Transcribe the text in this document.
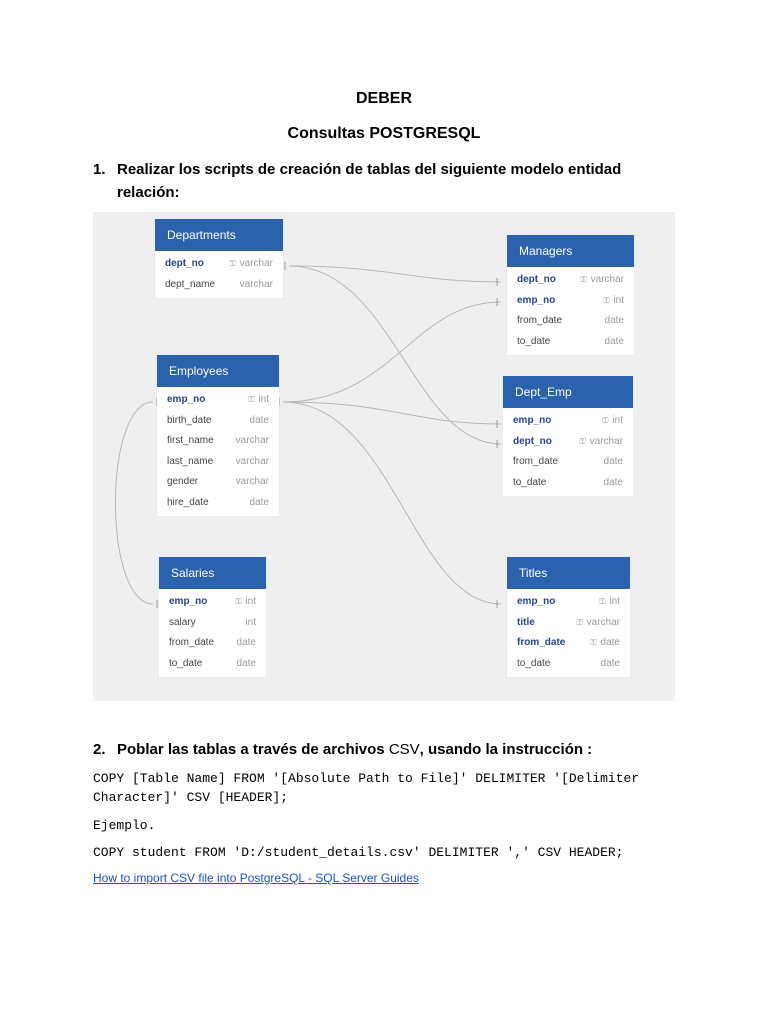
DEBER
Consultas POSTGRESQL
1. Realizar los scripts de creación de tablas del siguiente modelo entidad relación:
Departments
dept_no	⚿ varchar
dept_name varchar
Managers
dept_no	⚿ varchar
emp_no	⚿ int
from_date	date
to_date	date
Employees
emp_no	⚿ int
birth_date	date
first_name varchar
last_name varchar
gender	varchar
hire_date	date
Dept_Emp
emp_no	⚿ int
dept_no	⚿ varchar
from_date	date
to_date	date
Salaries
emp_no	⚿ int
salary	int
from_date date
to_date	date
Titles
emp_no	⚿ int
title	⚿ varchar
from_date	⚿ date
to_date	date
2. Poblar las tablas a través de archivos CSV, usando la instrucción :
COPY [Table Name] FROM '[Absolute Path to File]' DELIMITER '[Delimiter Character]' CSV [HEADER];
Ejemplo.
COPY student FROM 'D:/student_details.csv' DELIMITER ',' CSV HEADER;
How to import CSV file into PostgreSQL - SQL Server Guides
